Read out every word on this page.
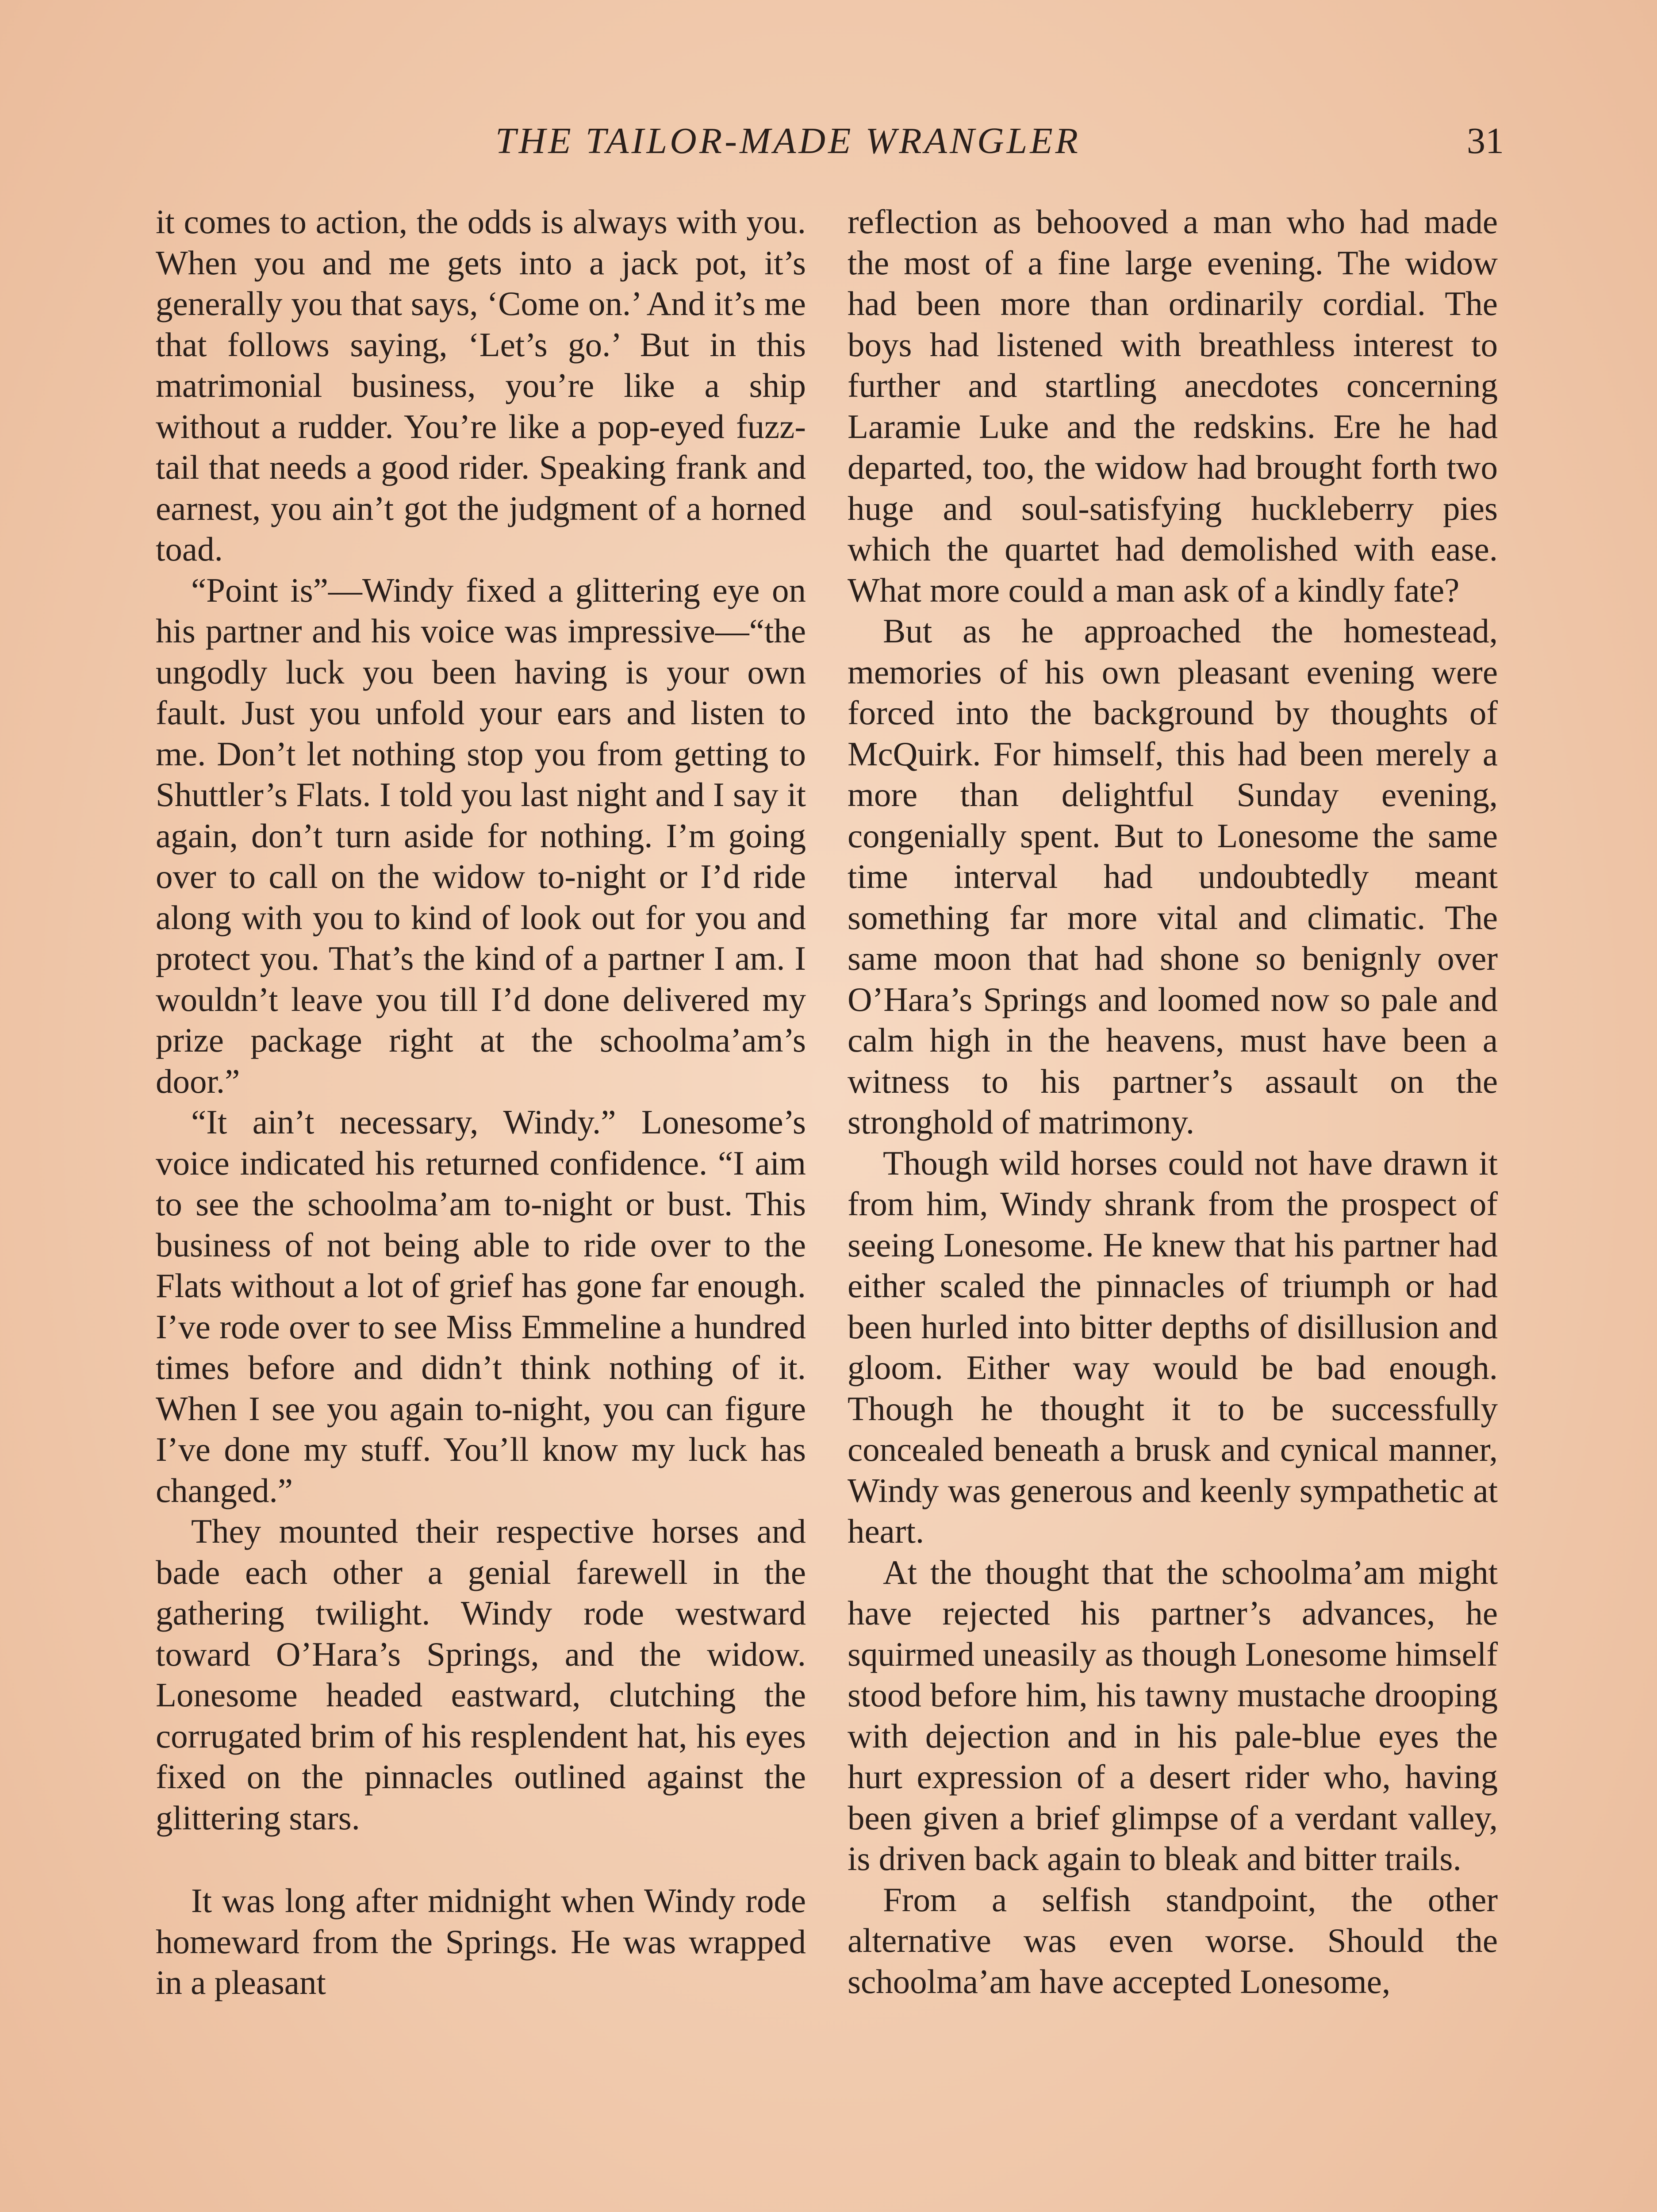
THE TAILOR-MADE WRANGLER	31

it comes to action, the odds is always with you. When you and me gets into a jack pot, it’s generally you that says, ‘Come on.’ And it’s me that follows saying, ‘Let’s go.’ But in this matrimonial business, you’re like a ship without a rudder. You’re like a pop-eyed fuzz-tail that needs a good rider. Speaking frank and earnest, you ain’t got the judgment of a horned toad.

“Point is”—Windy fixed a glittering eye on his partner and his voice was impressive—“the ungodly luck you been having is your own fault. Just you unfold your ears and listen to me. Don’t let nothing stop you from getting to Shuttler’s Flats. I told you last night and I say it again, don’t turn aside for nothing. I’m going over to call on the widow to-night or I’d ride along with you to kind of look out for you and protect you. That’s the kind of a partner I am. I wouldn’t leave you till I’d done delivered my prize package right at the schoolma’am’s door.”

“It ain’t necessary, Windy.” Lonesome’s voice indicated his returned confidence. “I aim to see the schoolma’am to-night or bust. This business of not being able to ride over to the Flats without a lot of grief has gone far enough. I’ve rode over to see Miss Emmeline a hundred times before and didn’t think nothing of it. When I see you again to-night, you can figure I’ve done my stuff. You’ll know my luck has changed.”

They mounted their respective horses and bade each other a genial farewell in the gathering twilight. Windy rode westward toward O’Hara’s Springs, and the widow. Lonesome headed eastward, clutching the corrugated brim of his resplendent hat, his eyes fixed on the pinnacles outlined against the glittering stars.

It was long after midnight when Windy rode homeward from the Springs. He was wrapped in a pleasant

reflection as behooved a man who had made the most of a fine large evening. The widow had been more than ordinarily cordial. The boys had listened with breathless interest to further and startling anecdotes concerning Laramie Luke and the redskins. Ere he had departed, too, the widow had brought forth two huge and soul-satisfying huckleberry pies which the quartet had demolished with ease. What more could a man ask of a kindly fate?

But as he approached the homestead, memories of his own pleasant evening were forced into the background by thoughts of McQuirk. For himself, this had been merely a more than delightful Sunday evening, congenially spent. But to Lonesome the same time interval had undoubtedly meant something far more vital and climatic. The same moon that had shone so benignly over O’Hara’s Springs and loomed now so pale and calm high in the heavens, must have been a witness to his partner’s assault on the stronghold of matrimony.

Though wild horses could not have drawn it from him, Windy shrank from the prospect of seeing Lonesome. He knew that his partner had either scaled the pinnacles of triumph or had been hurled into bitter depths of disillusion and gloom. Either way would be bad enough. Though he thought it to be successfully concealed beneath a brusk and cynical manner, Windy was generous and keenly sympathetic at heart.

At the thought that the schoolma’am might have rejected his partner’s advances, he squirmed uneasily as though Lonesome himself stood before him, his tawny mustache drooping with dejection and in his pale-blue eyes the hurt expression of a desert rider who, having been given a brief glimpse of a verdant valley, is driven back again to bleak and bitter trails.

From a selfish standpoint, the other alternative was even worse. Should the schoolma’am have accepted Lonesome,
